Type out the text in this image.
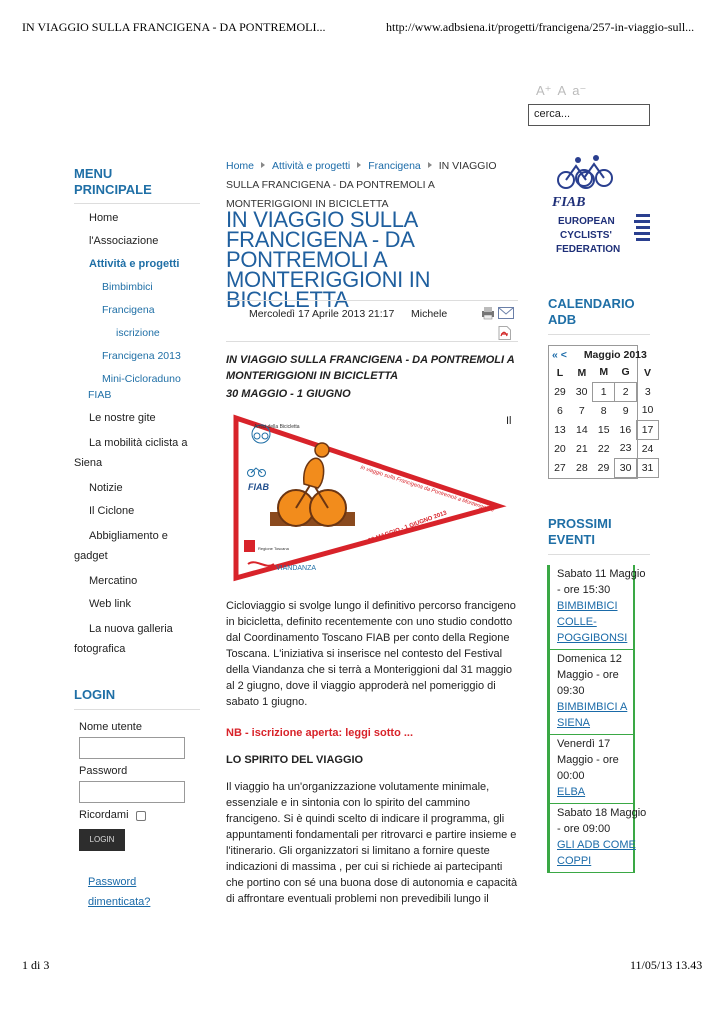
IN VIAGGIO SULLA FRANCIGENA - DA PONTREMOLI...	http://www.adbsiena.it/progetti/francigena/257-in-viaggio-sull...
A⁺ A a⁻
cerca...
MENU PRINCIPALE
Home
l'Associazione
Attività e progetti
Bimbimbici
Francigena
iscrizione
Francigena 2013
Mini-Cicloraduno
FIAB
Le nostre gite
La mobilità ciclista a Siena
Notizie
Il Ciclone
Abbigliamento e gadget
Mercatino
Web link
La nuova galleria fotografica
LOGIN
Nome utente
Password
Ricordami
LOGIN
Password dimenticata?
Home Attività e progetti Francigena IN VIAGGIO SULLA FRANCIGENA - DA PONTREMOLI A MONTERIGGIONI IN BICICLETTA
IN VIAGGIO SULLA FRANCIGENA - DA PONTREMOLI A MONTERIGGIONI IN BICICLETTA
Mercoledì 17 Aprile 2013 21:17 Michele
IN VIAGGIO SULLA FRANCIGENA - DA PONTREMOLI A MONTERIGGIONI IN BICICLETTA
30 MAGGIO - 1 GIUGNO
Il
Amici della Bicicletta
FIAB	In viaggio sulla Francigena da Pontremoli a Monteriggioni
30 MAGGIO - 1 GIUGNO 2013
Regione Toscana
VIANDANZA
Cicloviaggio si svolge lungo il definitivo percorso francigeno in bicicletta, definito recentemente con uno studio condotto dal Coordinamento Toscano FIAB per conto della Regione Toscana. L'iniziativa si inserisce nel contesto del Festival della Viandanza che si terrà a Monteriggioni dal 31 maggio al 2 giugno, dove il viaggio approderà nel pomeriggio di sabato 1 giugno.
NB - iscrizione aperta: leggi sotto ...
LO SPIRITO DEL VIAGGIO
Il viaggio ha un'organizzazione volutamente minimale, essenziale e in sintonia con lo spirito del cammino francigeno. Si è quindi scelto di indicare il programma, gli appuntamenti fondamentali per ritrovarci e partire insieme e l'itinerario. Gli organizzatori si limitano a fornire queste indicazioni di massima , per cui si richiede ai partecipanti che portino con sé una buona dose di autonomia e capacità di affrontare eventuali problemi non prevedibili lungo il
FIAB
EUROPEAN
CYCLISTS'
FEDERATION
CALENDARIO ADB
« < Maggio 2013
L	M	M	G	V
29	30	1	2	3
6	7	8	9	10
13	14	15	16	17
20	21	22	23	24
27	28	29	30	31
PROSSIMI EVENTI
Sabato 11 Maggio
- ore 15:30
BIMBIMBICI
COLLE-
POGGIBONSI
Domenica 12
Maggio - ore
09:30
BIMBIMBICI A
SIENA
Venerdì 17
Maggio - ore
00:00
ELBA
Sabato 18 Maggio
- ore 09:00
GLI ADB COME
COPPI
1 di 3	11/05/13 13.43
